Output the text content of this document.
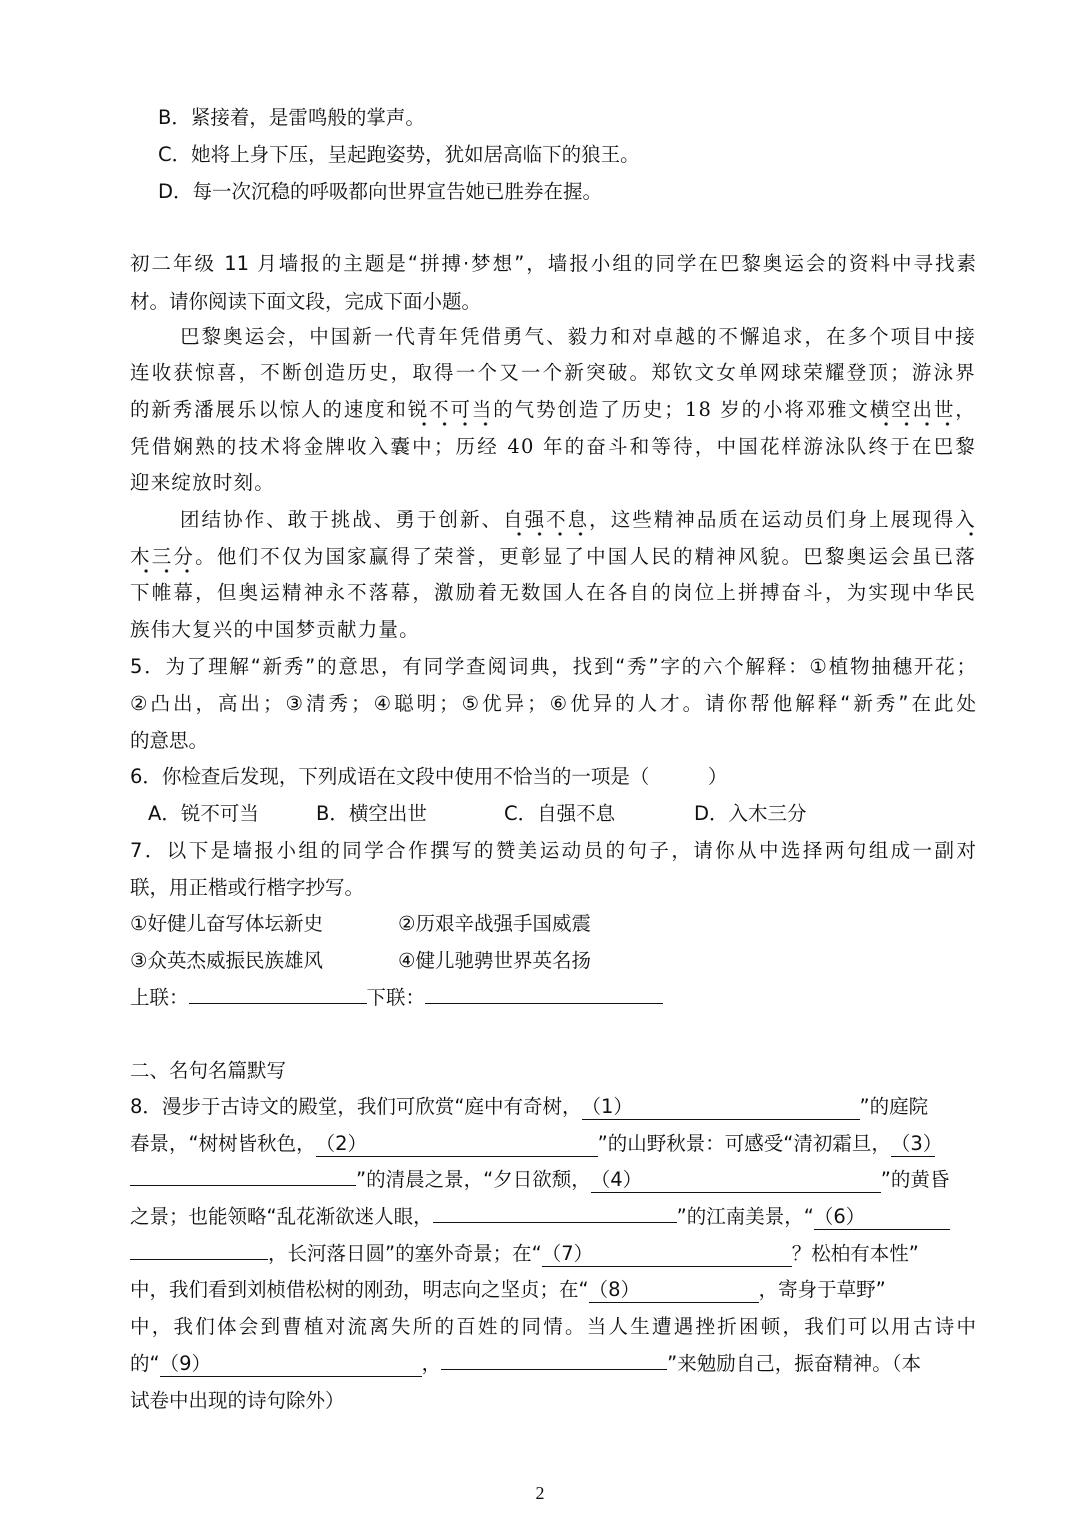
B．紧接着，是雷鸣般的掌声。
C．她将上身下压，呈起跑姿势，犹如居高临下的狼王。
D．每一次沉稳的呼吸都向世界宣告她已胜券在握。
初二年级 11 月墙报的主题是“拼搏·梦想”，墙报小组的同学在巴黎奥运会的资料中寻找素
材。请你阅读下面文段，完成下面小题。
巴黎奥运会，中国新一代青年凭借勇气、毅力和对卓越的不懈追求，在多个项目中接
连收获惊喜，不断创造历史，取得一个又一个新突破。郑钦文女单网球荣耀登顶；游泳界
的新秀潘展乐以惊人的速度和锐不可当的气势创造了历史；18 岁的小将邓雅文横空出世，
凭借娴熟的技术将金牌收入囊中；历经 40 年的奋斗和等待，中国花样游泳队终于在巴黎
迎来绽放时刻。
团结协作、敢于挑战、勇于创新、自强不息，这些精神品质在运动员们身上展现得入
木三分。他们不仅为国家赢得了荣誉，更彰显了中国人民的精神风貌。巴黎奥运会虽已落
下帷幕，但奥运精神永不落幕，激励着无数国人在各自的岗位上拼搏奋斗，为实现中华民
族伟大复兴的中国梦贡献力量。
5．为了理解“新秀”的意思，有同学查阅词典，找到“秀”字的六个解释：①植物抽穗开花；
②凸出，高出；③清秀；④聪明；⑤优异；⑥优异的人才。请你帮他解释“新秀”在此处
的意思。
6．你检查后发现，下列成语在文段中使用不恰当的一项是（　　　）
A．锐不可当	B．横空出世	C．自强不息	D．入木三分
7．以下是墙报小组的同学合作撰写的赞美运动员的句子，请你从中选择两句组成一副对
联，用正楷或行楷字抄写。
①好健儿奋写体坛新史	②历艰辛战强手国威震
③众英杰威振民族雄风	④健儿驰骋世界英名扬
上联：	下联：
二、名句名篇默写
8．漫步于古诗文的殿堂，我们可欣赏“庭中有奇树，（1）	”的庭院
春景，“树树皆秋色，（2）	”的山野秋景：可感受“清初霜旦，（3）
”的清晨之景，“夕日欲颓，（4）	”的黄昏
之景；也能领略“乱花渐欲迷人眼，	”的江南美景，“（6）
，长河落日圆”的塞外奇景；在“（7）	？松柏有本性”
中，我们看到刘桢借松树的刚劲，明志向之坚贞；在“（8）	，寄身于草野”
中，我们体会到曹植对流离失所的百姓的同情。当人生遭遇挫折困顿，我们可以用古诗中
的“（9）	，	”来勉励自己，振奋精神。（本
试卷中出现的诗句除外）
2
